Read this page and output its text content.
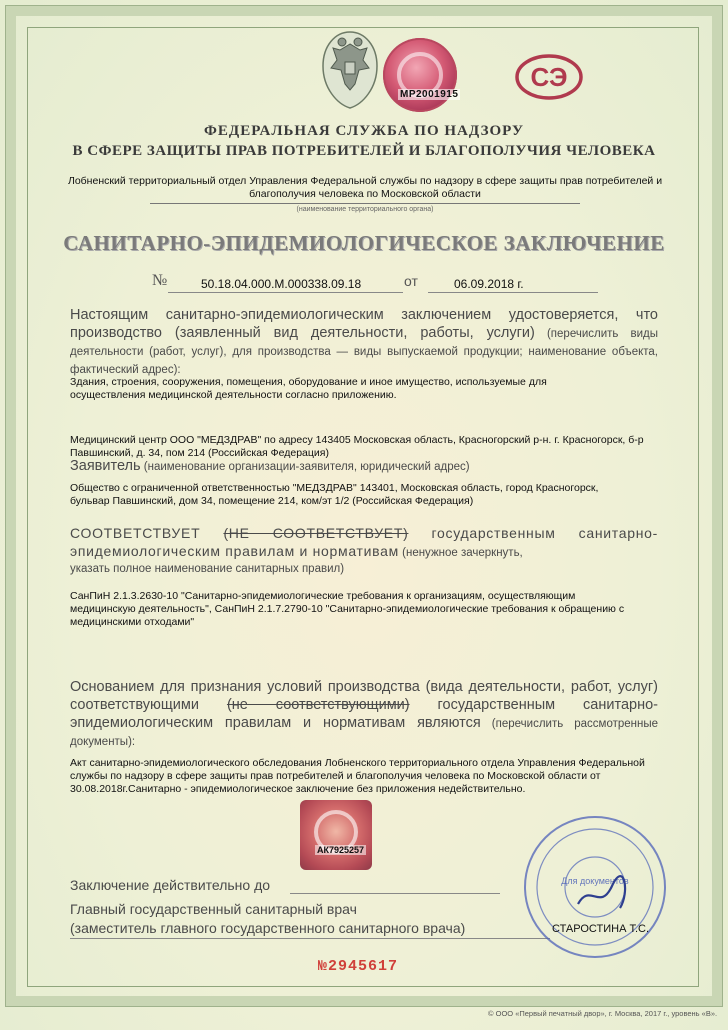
МР2001915
СЭ
ФЕДЕРАЛЬНАЯ СЛУЖБА ПО НАДЗОРУ
В СФЕРЕ ЗАЩИТЫ ПРАВ ПОТРЕБИТЕЛЕЙ И БЛАГОПОЛУЧИЯ ЧЕЛОВЕКА
Лобненский территориальный отдел Управления Федеральной службы по надзору в сфере защиты прав потребителей и благополучия человека по Московской области
(наименование территориального органа)
САНИТАРНО-ЭПИДЕМИОЛОГИЧЕСКОЕ ЗАКЛЮЧЕНИЕ
№	50.18.04.000.М.000338.09.18	от	06.09.2018 г.
Настоящим санитарно-эпидемиологическим заключением удостоверяется, что производство (заявленный вид деятельности, работы, услуги) (перечислить виды деятельности (работ, услуг), для производства — виды выпускаемой продукции; наименование объекта, фактический адрес):
Здания, строения, сооружения, помещения, оборудование и иное имущество, используемые для осуществления медицинской деятельности согласно приложению.
Медицинский центр ООО "МЕДЗДРАВ" по адресу 143405 Московская область, Красногорский р-н. г. Красногорск, б-р Павшинский, д. 34, пом 214 (Российская Федерация)
Заявитель (наименование организации-заявителя, юридический адрес)
Общество с ограниченной ответственностью "МЕДЗДРАВ" 143401, Московская область, город Красногорск, бульвар Павшинский, дом 34, помещение 214, ком/эт 1/2 (Российская Федерация)
СООТВЕТСТВУЕТ (НЕ СООТВЕТСТВУЕТ) государственным санитарно-эпидемиологическим правилам и нормативам (ненужное зачеркнуть,
указать полное наименование санитарных правил)
СанПиН 2.1.3.2630-10 "Санитарно-эпидемиологические требования к организациям, осуществляющим медицинскую деятельность", СанПиН 2.1.7.2790-10 "Санитарно-эпидемиологические требования к обращению с медицинскими отходами"
Основанием для признания условий производства (вида деятельности, работ, услуг) соответствующими (не соответствующими) государственным санитарно-эпидемиологическим правилам и нормативам являются (перечислить рассмотренные документы):
Акт санитарно-эпидемиологического обследования Лобненского территориального отдела Управления Федеральной службы по надзору в сфере защиты прав потребителей и благополучия человека по Московской области от 30.08.2018г.Санитарно - эпидемиологическое заключение без приложения недействительно.
АК7925257
Заключение действительно до
Главный государственный санитарный врач
(заместитель главного государственного санитарного врача)
Для документов
СТАРОСТИНА Т.С.
№2945617
© ООО «Первый печатный двор», г. Москва, 2017 г., уровень «В».
